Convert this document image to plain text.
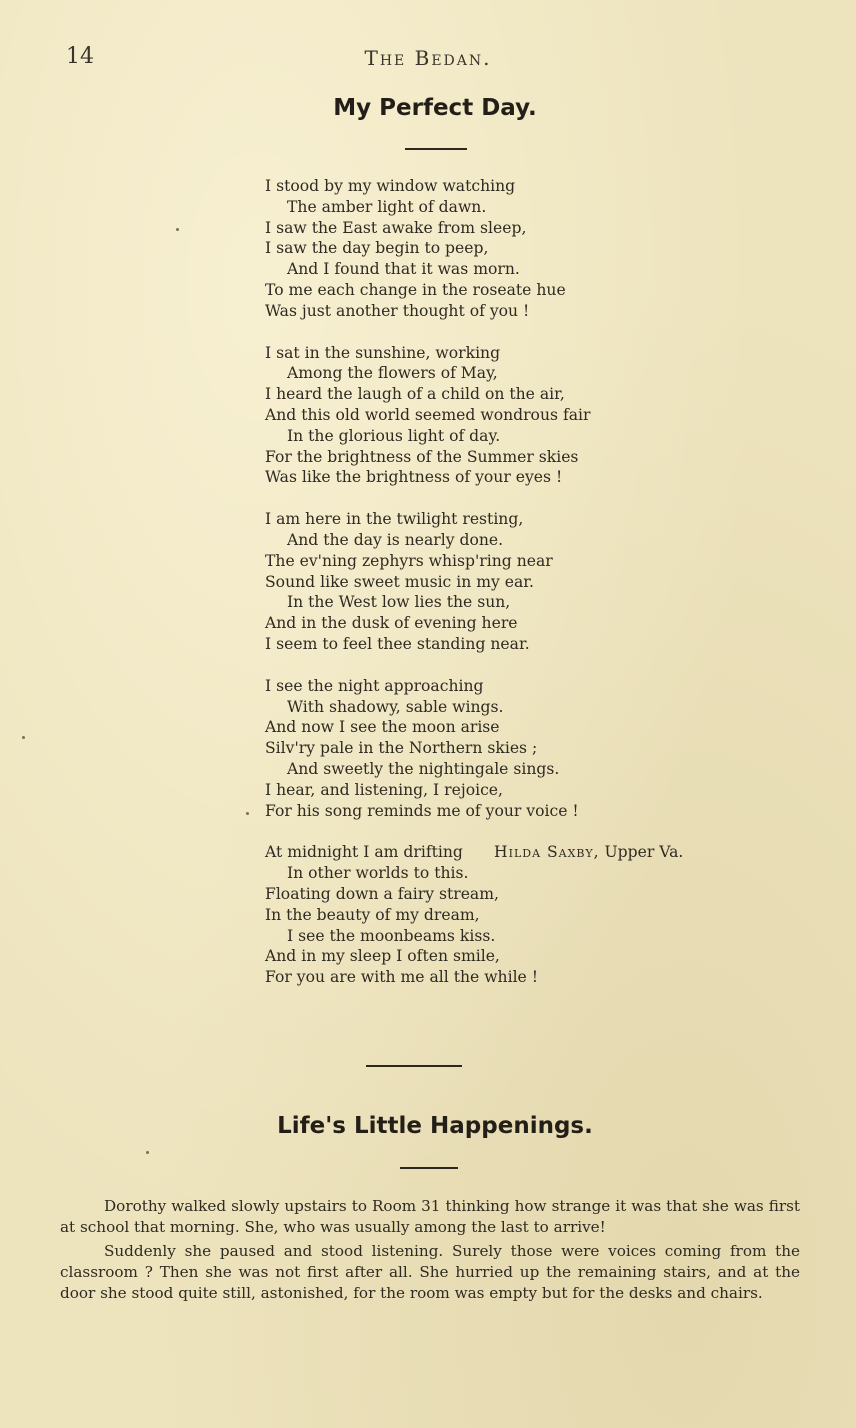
14	The Bedan.
My Perfect Day.
I stood by my window watching
The amber light of dawn.
I saw the East awake from sleep,
I saw the day begin to peep,
And I found that it was morn.
To me each change in the roseate hue
Was just another thought of you !
I sat in the sunshine, working
Among the flowers of May,
I heard the laugh of a child on the air,
And this old world seemed wondrous fair
In the glorious light of day.
For the brightness of the Summer skies
Was like the brightness of your eyes !
I am here in the twilight resting,
And the day is nearly done.
The ev'ning zephyrs whisp'ring near
Sound like sweet music in my ear.
In the West low lies the sun,
And in the dusk of evening here
I seem to feel thee standing near.
I see the night approaching
With shadowy, sable wings.
And now I see the moon arise
Silv'ry pale in the Northern skies ;
And sweetly the nightingale sings.
I hear, and listening, I rejoice,
For his song reminds me of your voice !
At midnight I am drifting
In other worlds to this.
Floating down a fairy stream,
In the beauty of my dream,
I see the moonbeams kiss.
And in my sleep I often smile,
For you are with me all the while !
Hilda Saxby, Upper Va.
Life's Little Happenings.

Dorothy walked slowly upstairs to Room 31 thinking how strange it was that she was first at school that morning. She, who was usually among the last to arrive!

Suddenly she paused and stood listening. Surely those were voices coming from the classroom ? Then she was not first after all. She hurried up the remaining stairs, and at the door she stood quite still, astonished, for the room was empty but for the desks and chairs.
